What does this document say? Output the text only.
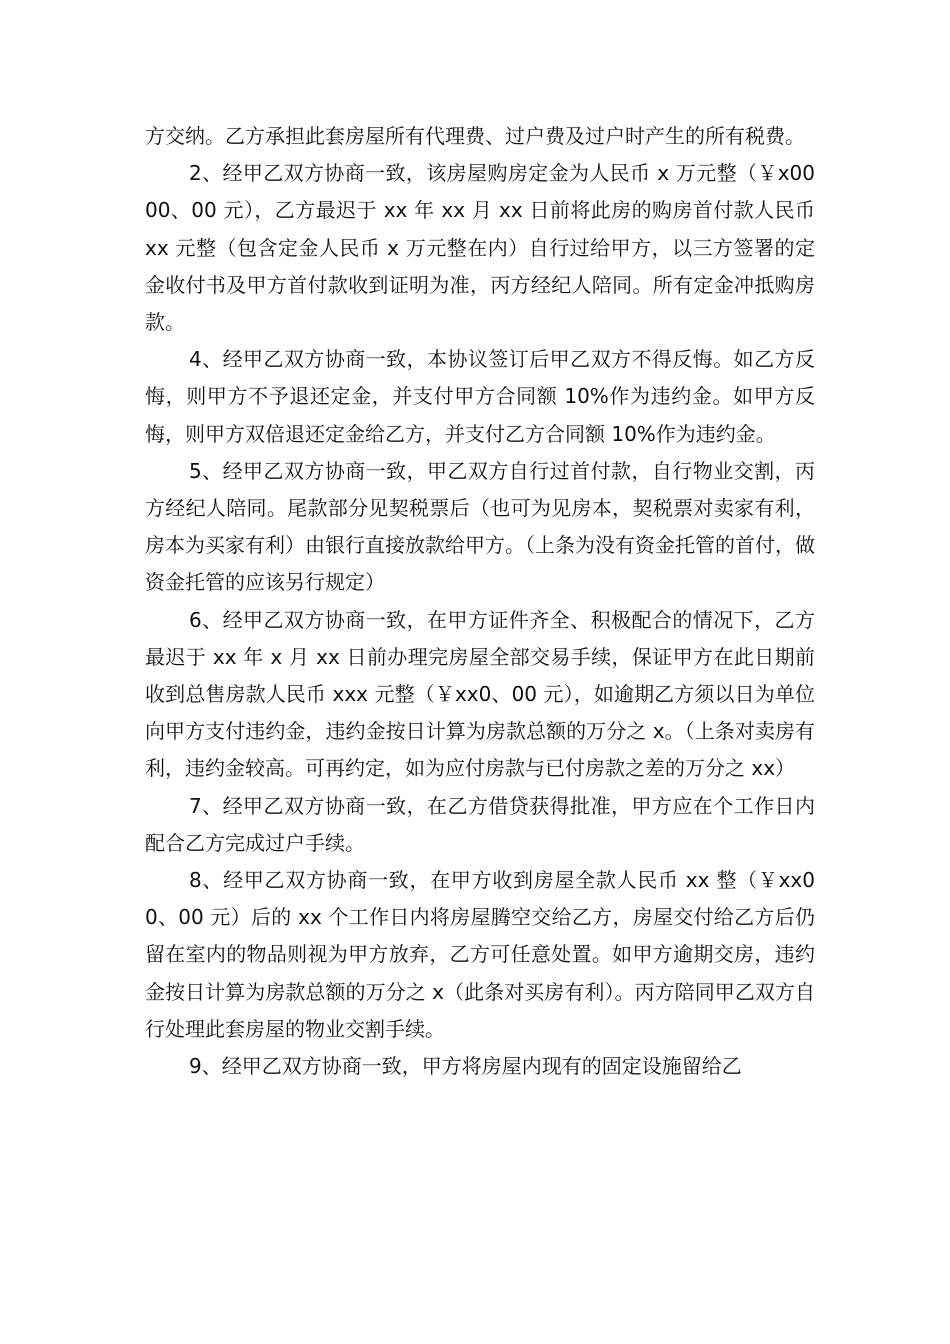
方交纳。乙方承担此套房屋所有代理费、过户费及过户时产生的所有税费。

2、经甲乙双方协商一致，该房屋购房定金为人民币 x 万元整（￥x0000、00 元），乙方最迟于 xx 年 xx 月 xx 日前将此房的购房首付款人民币 xx 元整（包含定金人民币 x 万元整在内）自行过给甲方，以三方签署的定金收付书及甲方首付款收到证明为准，丙方经纪人陪同。所有定金冲抵购房款。

4、经甲乙双方协商一致，本协议签订后甲乙双方不得反悔。如乙方反悔，则甲方不予退还定金，并支付甲方合同额 10%作为违约金。如甲方反悔，则甲方双倍退还定金给乙方，并支付乙方合同额 10%作为违约金。

5、经甲乙双方协商一致，甲乙双方自行过首付款，自行物业交割，丙方经纪人陪同。尾款部分见契税票后（也可为见房本，契税票对卖家有利，房本为买家有利）由银行直接放款给甲方。（上条为没有资金托管的首付，做资金托管的应该另行规定）

6、经甲乙双方协商一致，在甲方证件齐全、积极配合的情况下，乙方最迟于 xx 年 x 月 xx 日前办理完房屋全部交易手续，保证甲方在此日期前收到总售房款人民币 xxx 元整（￥xx0、00 元），如逾期乙方须以日为单位向甲方支付违约金，违约金按日计算为房款总额的万分之 x。（上条对卖房有利，违约金较高。可再约定，如为应付房款与已付房款之差的万分之 xx）

7、经甲乙双方协商一致，在乙方借贷获得批准，甲方应在个工作日内配合乙方完成过户手续。

8、经甲乙双方协商一致，在甲方收到房屋全款人民币 xx 整（￥xx00、00 元）后的 xx 个工作日内将房屋腾空交给乙方，房屋交付给乙方后仍留在室内的物品则视为甲方放弃，乙方可任意处置。如甲方逾期交房，违约金按日计算为房款总额的万分之 x（此条对买房有利）。丙方陪同甲乙双方自行处理此套房屋的物业交割手续。

9、经甲乙双方协商一致，甲方将房屋内现有的固定设施留给乙
